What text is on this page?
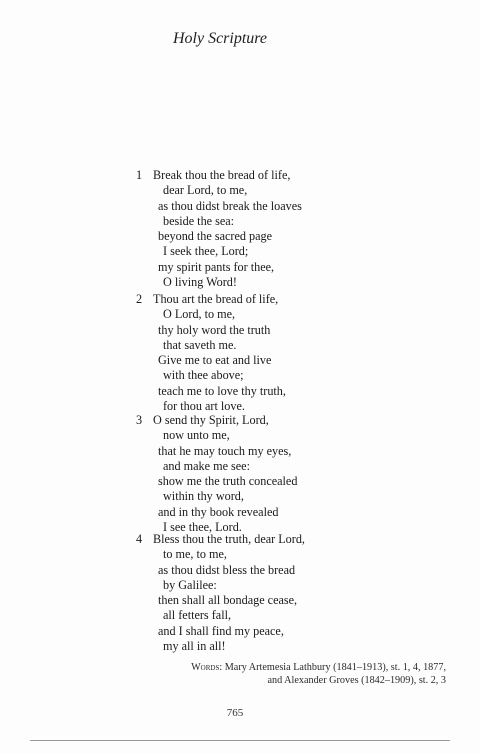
Holy Scripture
1 Break thou the bread of life,
dear Lord, to me,
as thou didst break the loaves
beside the sea:
beyond the sacred page
I seek thee, Lord;
my spirit pants for thee,
O living Word!
2 Thou art the bread of life,
O Lord, to me,
thy holy word the truth
that saveth me.
Give me to eat and live
with thee above;
teach me to love thy truth,
for thou art love.
3 O send thy Spirit, Lord,
now unto me,
that he may touch my eyes,
and make me see:
show me the truth concealed
within thy word,
and in thy book revealed
I see thee, Lord.
4 Bless thou the truth, dear Lord,
to me, to me,
as thou didst bless the bread
by Galilee:
then shall all bondage cease,
all fetters fall,
and I shall find my peace,
my all in all!
Words: Mary Artemesia Lathbury (1841–1913), st. 1, 4, 1877,
and Alexander Groves (1842–1909), st. 2, 3
765
